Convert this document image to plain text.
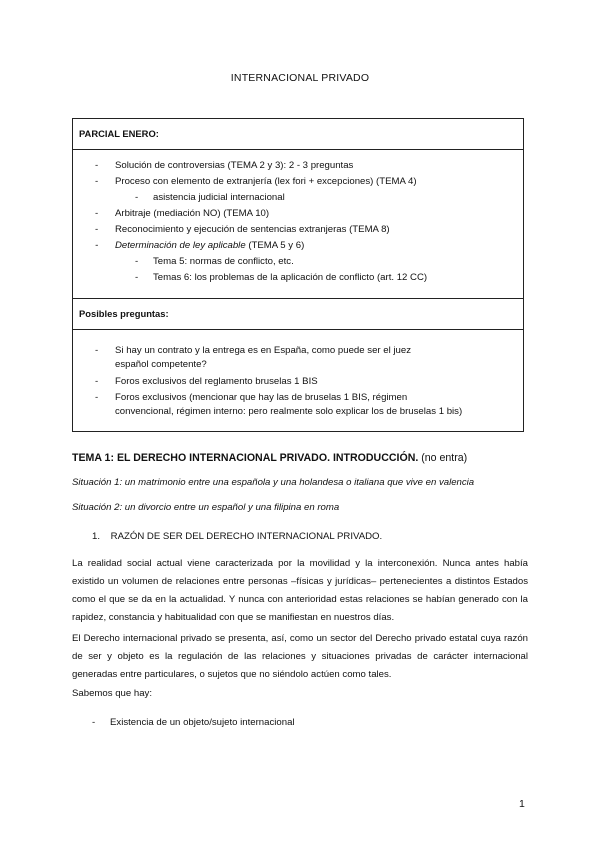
INTERNACIONAL PRIVADO
PARCIAL ENERO:
- Solución de controversias (TEMA 2 y 3): 2 - 3 preguntas
- Proceso con elemento de extranjería (lex fori + excepciones) (TEMA 4)
- asistencia judicial internacional
- Arbitraje (mediación NO) (TEMA 10)
- Reconocimiento y ejecución de sentencias extranjeras (TEMA 8)
- Determinación de ley aplicable (TEMA 5 y 6)
- Tema 5: normas de conflicto, etc.
- Temas 6: los problemas de la aplicación de conflicto (art. 12 CC)
Posibles preguntas:
- Si hay un contrato y la entrega es en España, como puede ser el juez
español competente?
- Foros exclusivos del reglamento bruselas 1 BIS
- Foros exclusivos (mencionar que hay las de bruselas 1 BIS, régimen
convencional, régimen interno: pero realmente solo explicar los de bruselas 1 bis)
TEMA 1: EL DERECHO INTERNACIONAL PRIVADO. INTRODUCCIÓN. (no entra)
Situación 1: un matrimonio entre una española y una holandesa o italiana que vive en valencia
Situación 2: un divorcio entre un español y una filipina en roma
1.    RAZÓN DE SER DEL DERECHO INTERNACIONAL PRIVADO.
La realidad social actual viene caracterizada por la movilidad y la interconexión. Nunca antes había existido un volumen de relaciones entre personas –físicas y jurídicas– pertenecientes a distintos Estados como el que se da en la actualidad. Y nunca con anterioridad estas relaciones se habían generado con la rapidez, constancia y habitualidad con que se manifiestan en nuestros días.
El Derecho internacional privado se presenta, así, como un sector del Derecho privado estatal cuya razón de ser y objeto es la regulación de las relaciones y situaciones privadas de carácter internacional generadas entre particulares, o sujetos que no siéndolo actúen como tales.
Sabemos que hay:
- Existencia de un objeto/sujeto internacional
1
